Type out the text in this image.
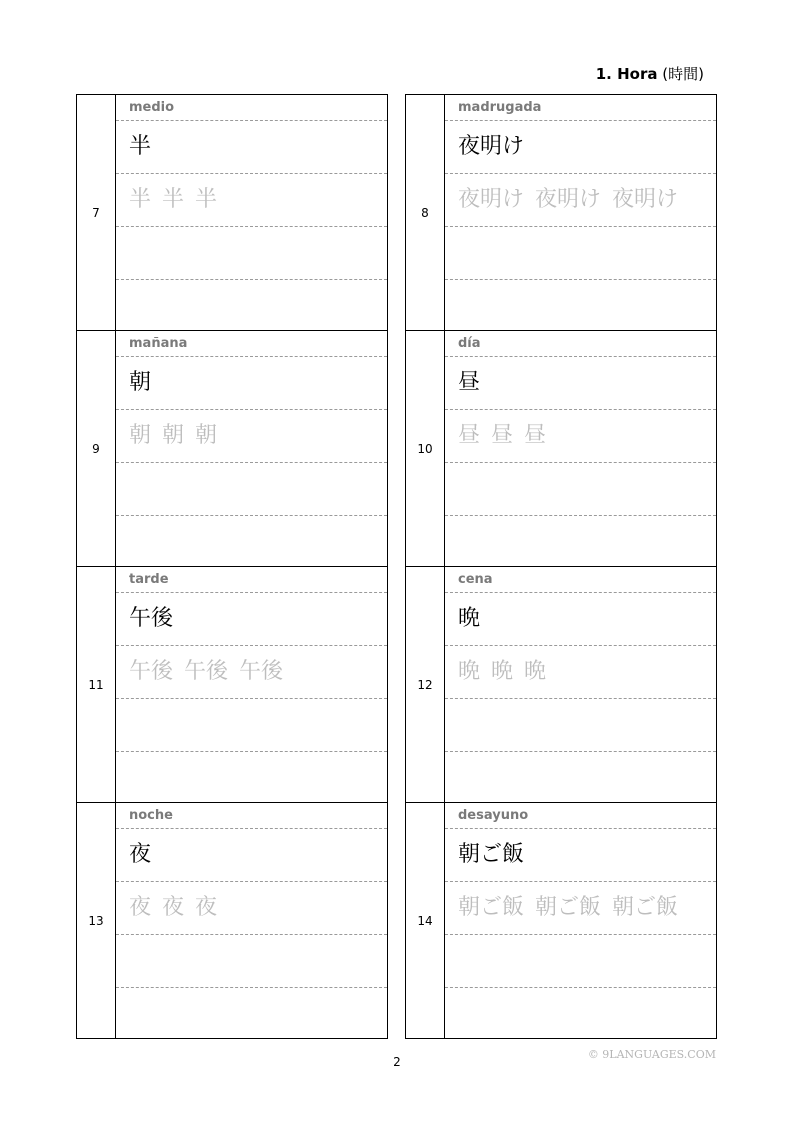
1. Hora (時間)
7
medio
半
半 半 半
9
mañana
朝
朝 朝 朝
11
tarde
午後
午後 午後 午後
13
noche
夜
夜 夜 夜
8
madrugada
夜明け
夜明け 夜明け 夜明け
10
día
昼
昼 昼 昼
12
cena
晩
晩 晩 晩
14
desayuno
朝ご飯
朝ご飯 朝ご飯 朝ご飯
2
© 9LANGUAGES.COM
